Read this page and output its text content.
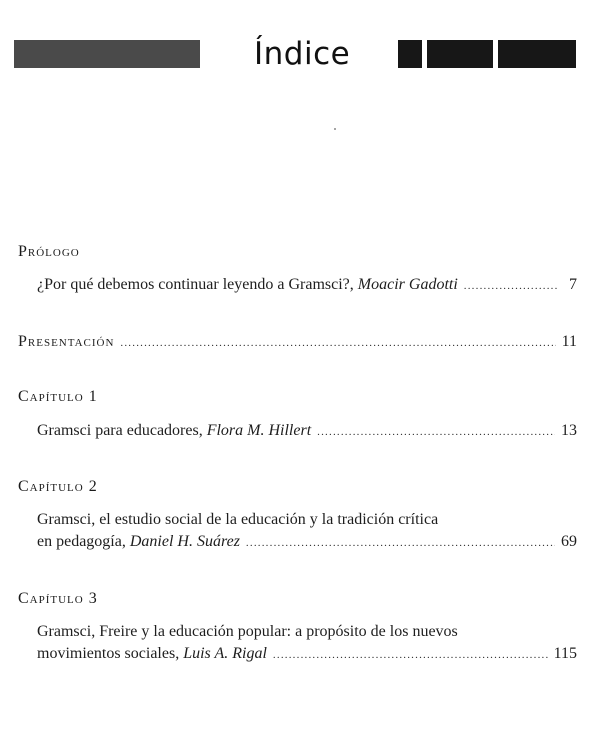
Índice
Prólogo
¿Por qué debemos continuar leyendo a Gramsci?,
Moacir Gadotti .....	7
Presentación .....	11
Capítulo 1
Gramsci para educadores,
Flora M. Hillert .....	13
Capítulo 2
Gramsci, el estudio social de la educación y la tradición crítica
en pedagogía,
Daniel H. Suárez .....	69
Capítulo 3
Gramsci, Freire y la educación popular: a propósito de los nuevos
movimientos sociales,
Luis A. Rigal .....	115
